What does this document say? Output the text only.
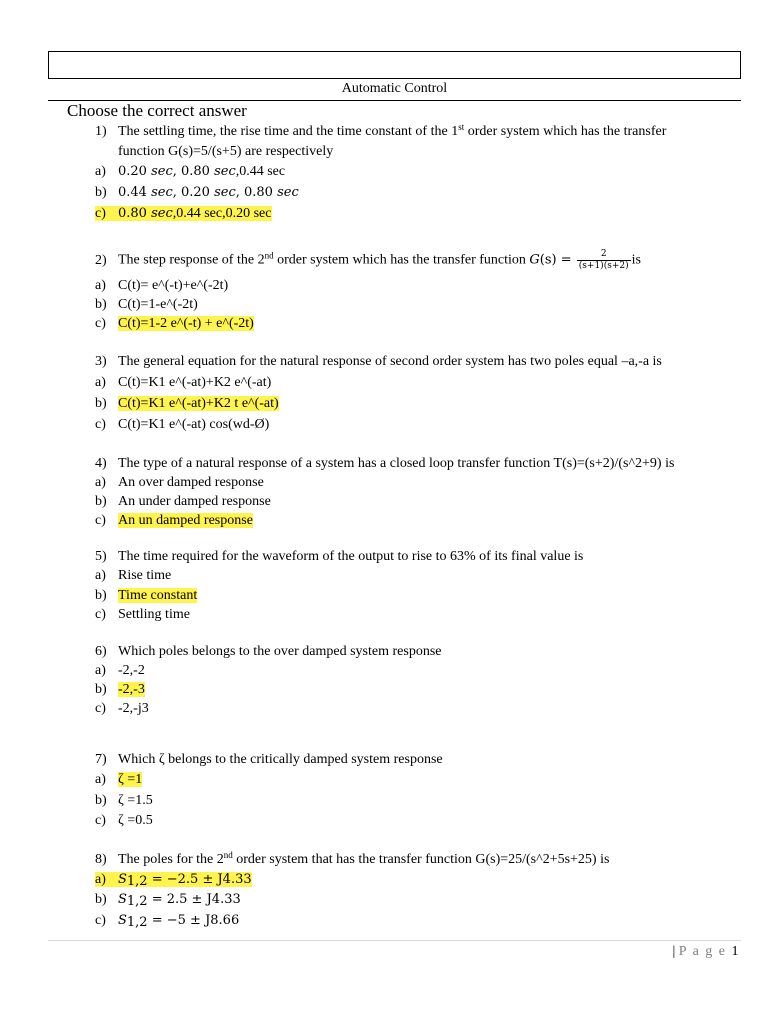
Automatic Control
Choose the correct answer
1) The settling time, the rise time and the time constant of the 1st order system which has the transfer
function G(s)=5/(s+5) are respectively
a) 0.20 sec, 0.80 sec,0.44 sec
b) 0.44 sec, 0.20 sec, 0.80 sec
c) 0.80 sec,0.44 sec,0.20 sec
2) The step response of the 2nd order system which has the transfer function $G(s) = \frac{2}{(s+1)(s+2)}$ is
a) C(t)= e^(-t)+e^(-2t)
b) C(t)=1-e^(-2t)
c) C(t)=1-2 e^(-t) + e^(-2t)
3) The general equation for the natural response of second order system has two poles equal –a,-a is
a) C(t)=K1 e^(-at)+K2 e^(-at)
b) C(t)=K1 e^(-at)+K2 t e^(-at)
c) C(t)=K1 e^(-at) cos(wd-Ø)
4) The type of a natural response of a system has a closed loop transfer function T(s)=(s+2)/(s^2+9) is
a) An over damped response
b) An under damped response
c) An un damped response
5) The time required for the waveform of the output to rise to 63% of its final value is
a) Rise time
b) Time constant
c) Settling time
6) Which poles belongs to the over damped system response
a) -2,-2
b) -2,-3
c) -2,-j3
7) Which ζ belongs to the critically damped system response
a) ζ =1
b) ζ =1.5
c) ζ =0.5
8) The poles for the 2nd order system that has the transfer function G(s)=25/(s^2+5s+25) is
a) $S_{1,2} = -2.5 \pm J4.33$
b) $S_{1,2} = 2.5 \pm J4.33$
c) $S_{1,2} = -5 \pm J8.66$
| P a g e 1
